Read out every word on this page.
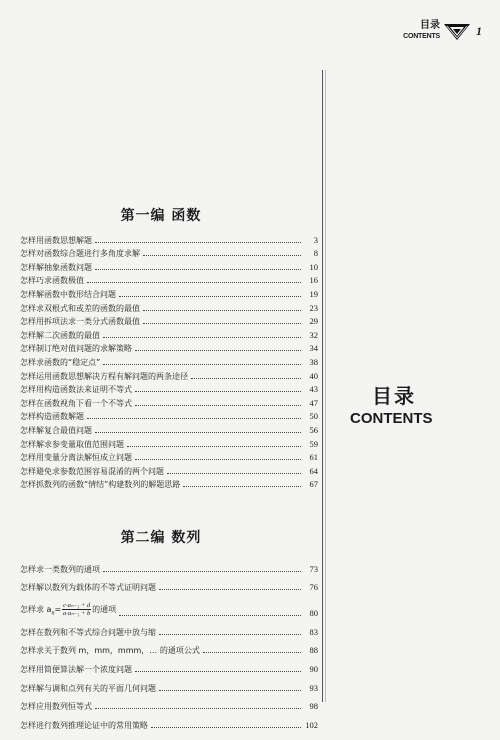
目录
CONTENTS	1
目录
CONTENTS
第一编 函数
怎样用函数思想解题	3
怎样对函数综合题进行多角度求解	8
怎样解抽象函数问题	10
怎样巧求函数极值	16
怎样解函数中数形结合问题	19
怎样求双根式和或差的函数的最值	23
怎样用拆项法求一类分式函数最值	29
怎样解二次函数的最值	32
怎样制订绝对值问题的求解策略	34
怎样求函数的“稳定点”	38
怎样运用函数思想解决方程有解问题的两条途径	40
怎样用构造函数法来证明不等式	43
怎样在函数视角下看一个不等式	47
怎样构造函数解题	50
怎样解复合最值问题	56
怎样解求参变量取值范围问题	59
怎样用变量分离法解恒成立问题	61
怎样避免求参数范围容易混淆的两个问题	64
怎样抓数列的函数“情结”构建数列的解题思路	67
第二编 数列
怎样求一类数列的通项	73
怎样解以数列为载体的不等式证明问题	76
怎样求 $a_n= \frac{\text{c·aₙ₋₁ + d}}{\text{a·aₙ₋₁ + b}}$ 的通项	80
怎样在数列和不等式综合问题中放与缩	83
怎样求关于数列 m，mm，mmm，… 的通项公式	88
怎样用简便算法解一个浓度问题	90
怎样解与调和点列有关的平面几何问题	93
怎样应用数列恒等式	98
怎样进行数列推理论证中的常用策略	102
